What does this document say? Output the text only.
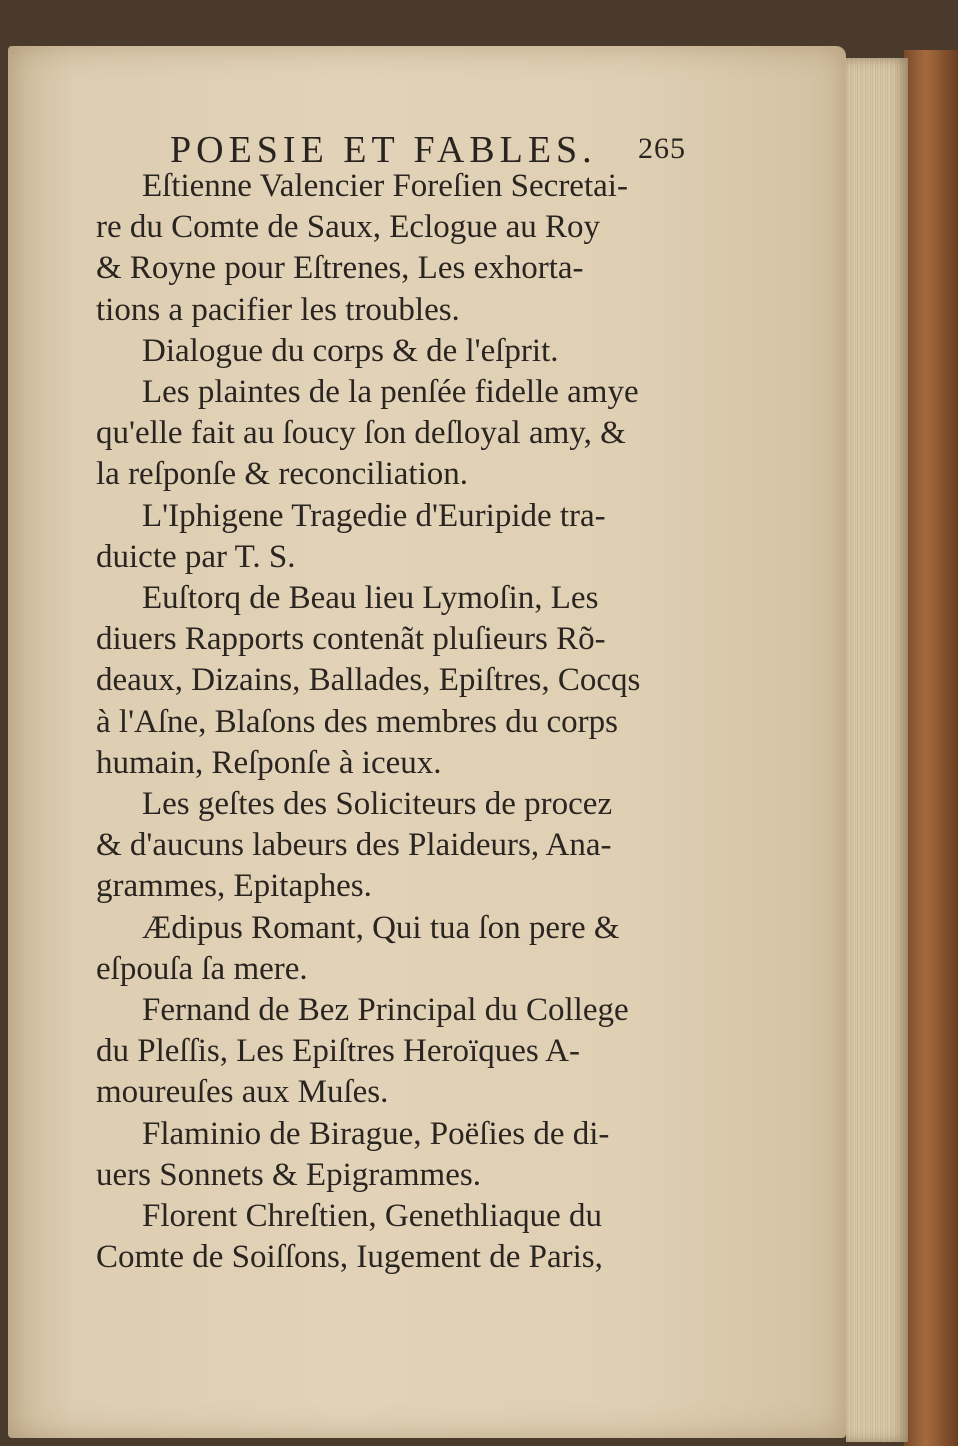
POESIE ET FABLES. 265
Eſtienne Valencier Foreſien Secretai-
re du Comte de Saux, Eclogue au Roy
& Royne pour Eſtrenes, Les exhorta-
tions a pacifier les troubles.
Dialogue du corps & de l'eſprit.
Les plaintes de la penſée fidelle amye
qu'elle fait au ſoucy ſon deſloyal amy, &
la reſponſe & reconciliation.
L'Iphigene Tragedie d'Euripide tra-
duicte par T. S.
Euſtorq de Beau lieu Lymoſin, Les
diuers Rapports contenãt pluſieurs Rõ-
deaux, Dizains, Ballades, Epiſtres, Cocqs
à l'Aſne, Blaſons des membres du corps
humain, Reſponſe à iceux.
Les geſtes des Soliciteurs de procez
& d'aucuns labeurs des Plaideurs, Ana-
grammes, Epitaphes.
Ædipus Romant, Qui tua ſon pere &
eſpouſa ſa mere.
Fernand de Bez Principal du College
du Pleſſis, Les Epiſtres Heroïques A-
moureuſes aux Muſes.
Flaminio de Birague, Poëſies de di-
uers Sonnets & Epigrammes.
Florent Chreſtien, Genethliaque du
Comte de Soiſſons, Iugement de Paris,
